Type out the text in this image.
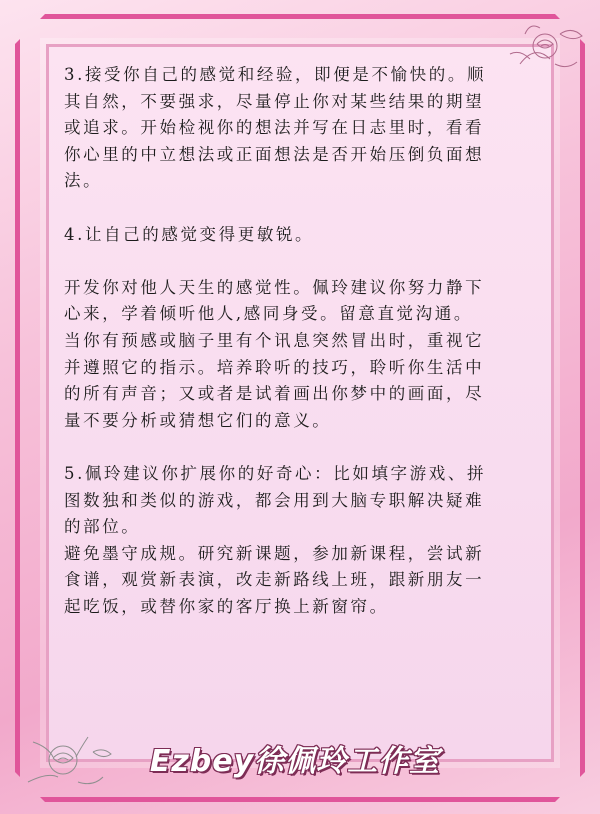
3.接受你自己的感觉和经验，即便是不愉快的。顺
其自然，不要强求，尽量停止你对某些结果的期望
或追求。开始检视你的想法并写在日志里时，看看
你心里的中立想法或正面想法是否开始压倒负面想
法。

4.让自己的感觉变得更敏锐。

开发你对他人天生的感觉性。佩玲建议你努力静下
心来，学着倾听他人,感同身受。留意直觉沟通。
当你有预感或脑子里有个讯息突然冒出时，重视它
并遵照它的指示。培养聆听的技巧，聆听你生活中
的所有声音；又或者是试着画出你梦中的画面，尽
量不要分析或猜想它们的意义。

5.佩玲建议你扩展你的好奇心：比如填字游戏、拼
图数独和类似的游戏，都会用到大脑专职解决疑难
的部位。

避免墨守成规。研究新课题，参加新课程，尝试新
食谱，观赏新表演，改走新路线上班，跟新朋友一
起吃饭，或替你家的客厅换上新窗帘。

Ezbey徐佩玲工作室
